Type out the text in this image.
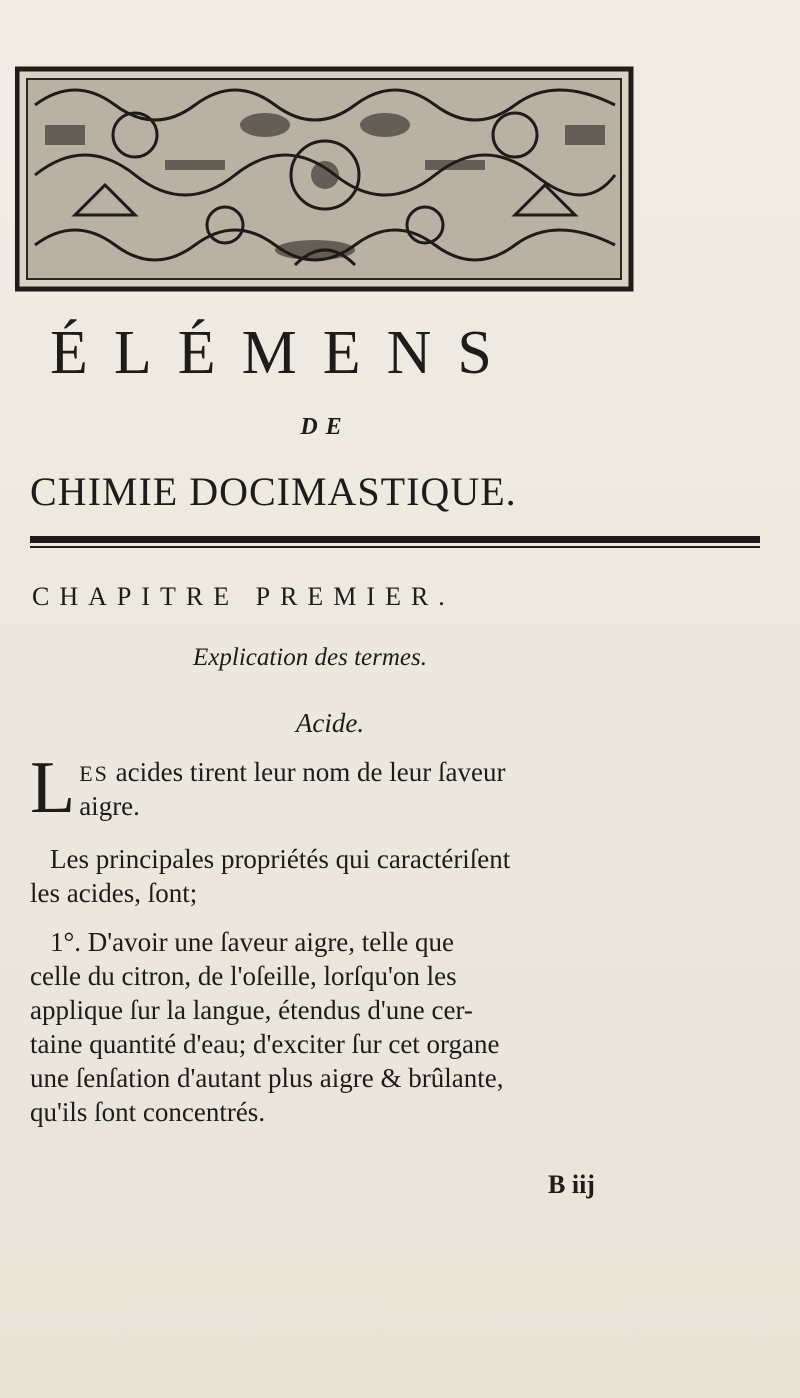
ÉLÉMENS
DE
CHIMIE DOCIMASTIQUE.
CHAPITRE PREMIER.
Explication des termes.
Acide.
L ES acides tirent leur nom de leur ſaveur
aigre.
Les principales propriétés qui caractériſent
les acides, ſont;
1°. D'avoir une ſaveur aigre, telle que
celle du citron, de l'oſeille, lorſqu'on les
applique ſur la langue, étendus d'une cer-
taine quantité d'eau; d'exciter ſur cet organe
une ſenſation d'autant plus aigre & brûlante,
qu'ils ſont concentrés.
B iij
